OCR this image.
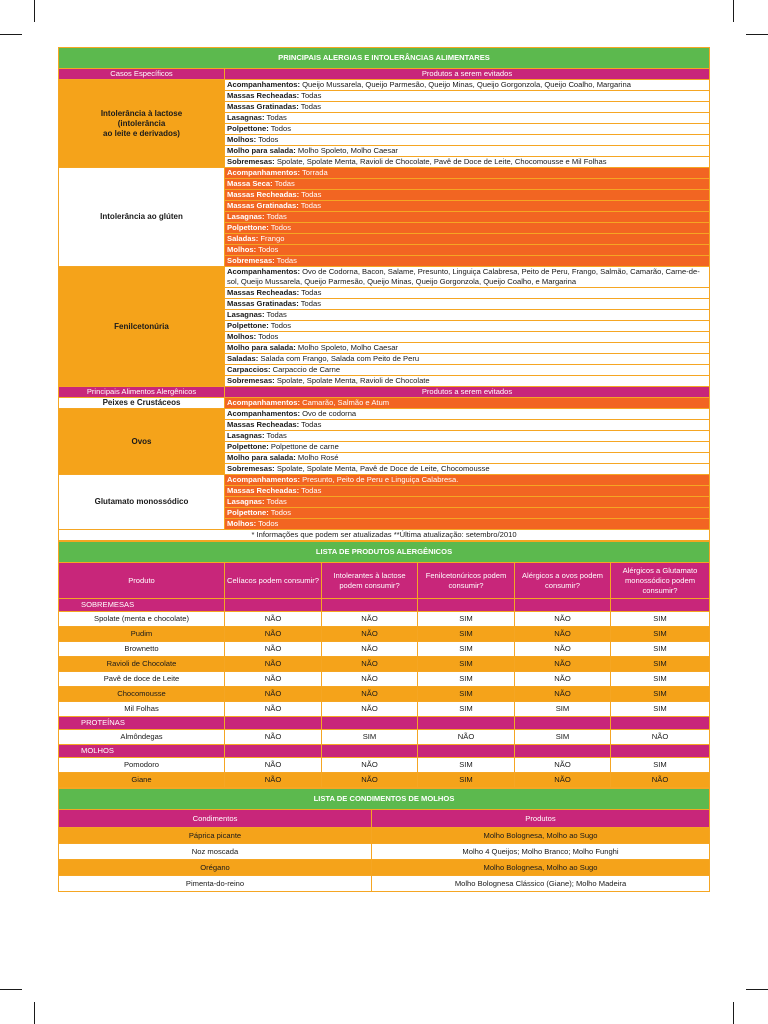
PRINCIPAIS ALERGIAS E INTOLERÂNCIAS ALIMENTARES	
Casos Específicos	Produtos a serem evitados
Intolerância à lactose
(intolerância
ao leite e derivados)	Acompanhamentos: Queijo Mussarela, Queijo Parmesão, Queijo Minas, Queijo Gorgonzola, Queijo Coalho, Margarina
	Massas Recheadas: Todas
	Massas Gratinadas: Todas
	Lasagnas: Todas
	Polpettone: Todos
	Molhos: Todos
	Molho para salada: Molho Spoleto, Molho Caesar
	Sobremesas: Spolate, Spolate Menta, Ravioli de Chocolate, Pavê de Doce de Leite, Chocomousse e Mil Folhas
Intolerância ao glúten	Acompanhamentos: Torrada
	Massa Seca: Todas
	Massas Recheadas: Todas
	Massas Gratinadas: Todas
	Lasagnas: Todas
	Polpettone: Todos
	Saladas: Frango
	Molhos: Todos
	Sobremesas: Todas
Fenilcetonúria	Acompanhamentos: Ovo de Codorna, Bacon, Salame, Presunto, Linguiça Calabresa, Peito de Peru, Frango, Salmão, Camarão, Carne-de-sol, Queijo Mussarela, Queijo Parmesão, Queijo Minas, Queijo Gorgonzola, Queijo Coalho, e Margarina
	Massas Recheadas: Todas
	Massas Gratinadas: Todas
	Lasagnas: Todas
	Polpettone: Todos
	Molhos: Todos
	Molho para salada: Molho Spoleto, Molho Caesar
	Saladas: Salada com Frango, Salada com Peito de Peru
	Carpaccios: Carpaccio de Carne
	Sobremesas: Spolate, Spolate Menta, Ravioli de Chocolate
Principais Alimentos Alergênicos	Produtos a serem evitados
Peixes e Crustáceos	Acompanhamentos: Camarão, Salmão e Atum
Ovos	Acompanhamentos: Ovo de codorna
	Massas Recheadas: Todas
	Lasagnas: Todas
	Polpettone: Polpettone de carne
	Molho para salada: Molho Rosé
	Sobremesas: Spolate, Spolate Menta, Pavê de Doce de Leite, Chocomousse
Glutamato monossódico	Acompanhamentos: Presunto, Peito de Peru e Linguiça Calabresa.
	Massas Recheadas: Todas
	Lasagnas: Todas
	Polpettone: Todos
	Molhos: Todos
* Informações que podem ser atualizadas **Última atualização: setembro/2010	
LISTA DE PRODUTOS ALERGÊNICOS					
Produto	Celíacos podem consumir?	Intolerantes à lactose podem consumir?	Fenilcetonúricos podem consumir?	Alérgicos a ovos podem consumir?	Alérgicos a Glutamato monossódico podem consumir?
SOBREMESAS					
Spolate (menta e chocolate)	NÃO	NÃO	SIM	NÃO	SIM
Pudim	NÃO	NÃO	SIM	NÃO	SIM
Brownetto	NÃO	NÃO	SIM	NÃO	SIM
Ravioli de Chocolate	NÃO	NÃO	SIM	NÃO	SIM
Pavê de doce de Leite	NÃO	NÃO	SIM	NÃO	SIM
Chocomousse	NÃO	NÃO	SIM	NÃO	SIM
Mil Folhas	NÃO	NÃO	SIM	SIM	SIM
PROTEÍNAS					
Almôndegas	NÃO	SIM	NÃO	SIM	NÃO
MOLHOS					
Pomodoro	NÃO	NÃO	SIM	NÃO	SIM
Giane	NÃO	NÃO	SIM	NÃO	NÃO
LISTA DE CONDIMENTOS DE MOLHOS	
Condimentos	Produtos
Páprica picante	Molho Bolognesa, Molho ao Sugo
Noz moscada	Molho 4 Queijos; Molho Branco; Molho Funghi
Orégano	Molho Bolognesa, Molho ao Sugo
Pimenta-do-reino	Molho Bolognesa Clássico (Giane); Molho Madeira
